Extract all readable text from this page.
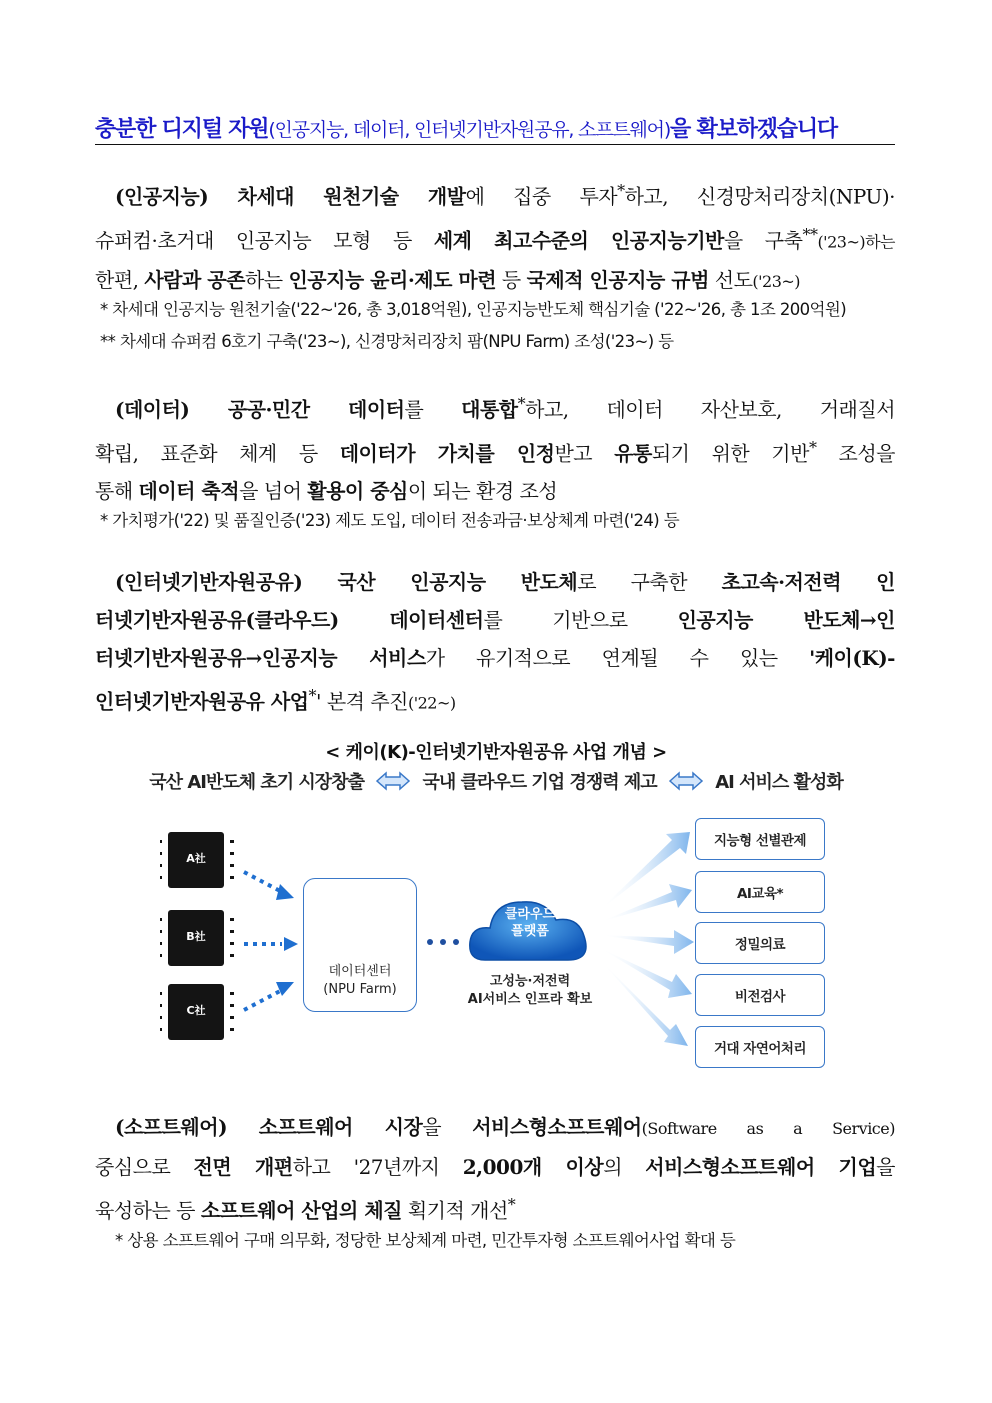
충분한 디지털 자원(인공지능, 데이터, 인터넷기반자원공유, 소프트웨어)을 확보하겠습니다

(인공지능) 차세대 원천기술 개발에 집중 투자*하고, 신경망처리장치(NPU)·

슈퍼컴·초거대 인공지능 모형 등 세계 최고수준의 인공지능기반을 구축**('23~)하는

한편, 사람과 공존하는 인공지능 윤리·제도 마련 등 국제적 인공지능 규범 선도('23~)

* 차세대 인공지능 원천기술('22~'26, 총 3,018억원), 인공지능반도체 핵심기술 ('22~'26, 총 1조 200억원)
** 차세대 슈퍼컴 6호기 구축('23~), 신경망처리장치 팜(NPU Farm) 조성('23~) 등

(데이터) 공공·민간 데이터를 대통합*하고, 데이터 자산보호, 거래질서

확립, 표준화 체계 등 데이터가 가치를 인정받고 유통되기 위한 기반* 조성을

통해 데이터 축적을 넘어 활용이 중심이 되는 환경 조성

* 가치평가('22) 및 품질인증('23) 제도 도입, 데이터 전송과금·보상체계 마련('24) 등

(인터넷기반자원공유) 국산 인공지능 반도체로 구축한 초고속·저전력 인

터넷기반자원공유(클라우드) 데이터센터를 기반으로 인공지능 반도체→인

터넷기반자원공유→인공지능 서비스가 유기적으로 연계될 수 있는 '케이(K)-

인터넷기반자원공유 사업*' 본격 추진('22~)

< 케이(K)-인터넷기반자원공유 사업 개념 >
국산 AI반도체 초기 시장창출	국내 클라우드 기업 경쟁력 제고	AI 서비스 활성화
A社
B社
C社
데이터센터
(NPU Farm)
클라우드
플랫폼
고성능·저전력
AI서비스 인프라 확보
지능형 선별관제
AI교육*
정밀의료
비전검사
거대 자연어처리

(소프트웨어) 소프트웨어 시장을 서비스형소프트웨어(Software as a Service)

중심으로 전면 개편하고 '27년까지 2,000개 이상의 서비스형소프트웨어 기업을

육성하는 등 소프트웨어 산업의 체질 획기적 개선*

* 상용 소프트웨어 구매 의무화, 정당한 보상체계 마련, 민간투자형 소프트웨어사업 확대 등
